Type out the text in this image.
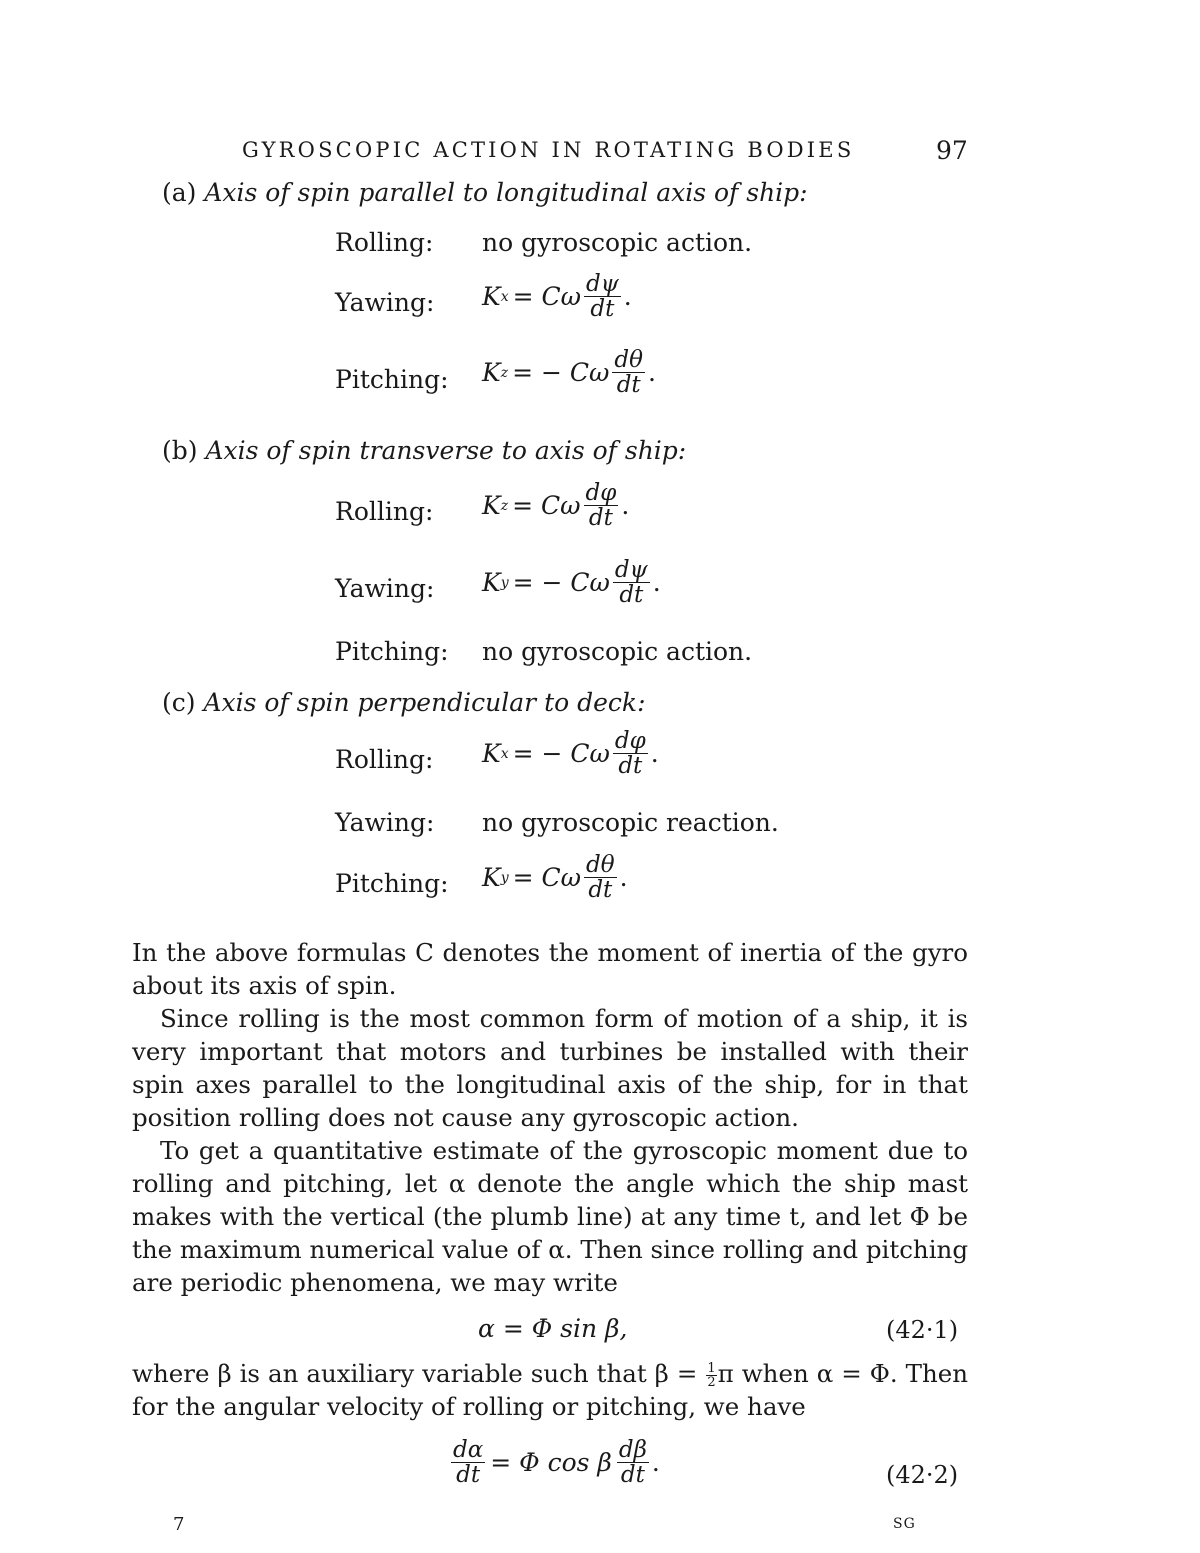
GYROSCOPIC ACTION IN ROTATING BODIES	97
(a) Axis of spin parallel to longitudinal axis of ship:
Rolling: no gyroscopic action.
Yawing: K x = Cω $\frac{d\psi}{dt}$ .
Pitching: K z = − Cω $\frac{d\theta}{dt}$ .
(b) Axis of spin transverse to axis of ship:
Rolling: K z = Cω $\frac{d\varphi}{dt}$ .
Yawing: K y = − Cω $\frac{d\psi}{dt}$ .
Pitching: no gyroscopic action.
(c) Axis of spin perpendicular to deck:
Rolling: K x = − Cω $\frac{d\varphi}{dt}$ .
Yawing: no gyroscopic reaction.
Pitching: K y = Cω $\frac{d\theta}{dt}$ .

In the above formulas C denotes the moment of inertia of the gyro about its axis of spin.

Since rolling is the most common form of motion of a ship, it is very important that motors and turbines be installed with their spin axes parallel to the longitudinal axis of the ship, for in that position rolling does not cause any gyroscopic action.

To get a quantitative estimate of the gyroscopic moment due to rolling and pitching, let α denote the angle which the ship mast makes with the vertical (the plumb line) at any time t, and let Φ be the maximum numerical value of α. Then since rolling and pitching are periodic phenomena, we may write

α = Φ sin β,	(42·1)

where β is an auxiliary variable such that $\beta = \frac{1}{2}$ π when α = Φ. Then for the angular velocity of rolling or pitching, we have

$\frac{d\alpha}{dt} = \Phi$ cos β $\frac{d\beta}{dt}$ .	(42·2)
7	SG
